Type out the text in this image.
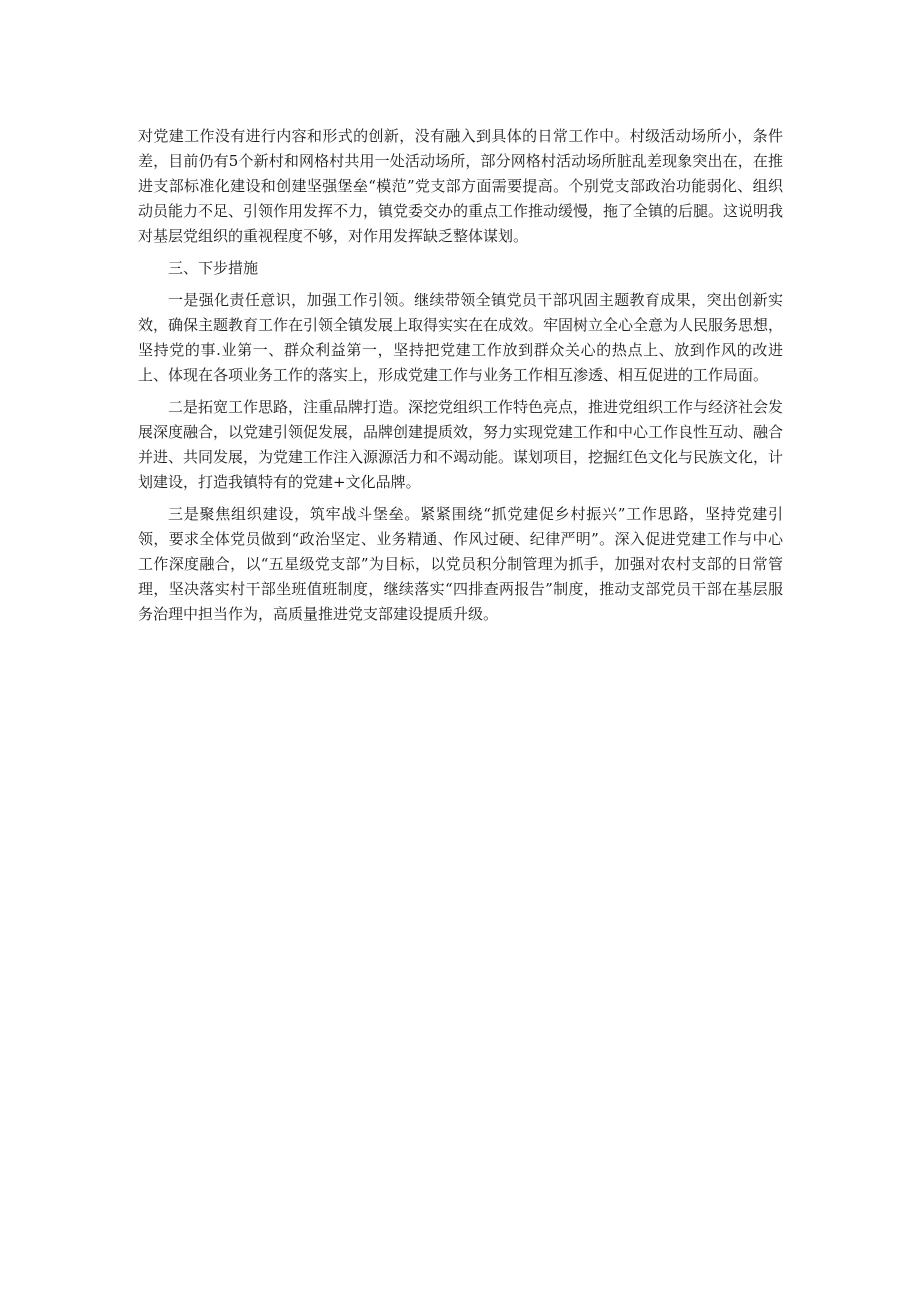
对党建工作没有进行内容和形式的创新，没有融入到具体的日常工作中。村级活动场所小，条件差，目前仍有5个新村和网格村共用一处活动场所，部分网格村活动场所脏乱差现象突出在，在推进支部标准化建设和创建坚强堡垒“模范”党支部方面需要提高。个别党支部政治功能弱化、组织动员能力不足、引领作用发挥不力，镇党委交办的重点工作推动缓慢，拖了全镇的后腿。这说明我对基层党组织的重视程度不够，对作用发挥缺乏整体谋划。

三、下步措施

一是强化责任意识，加强工作引领。继续带领全镇党员干部巩固主题教育成果，突出创新实效，确保主题教育工作在引领全镇发展上取得实实在在成效。牢固树立全心全意为人民服务思想，坚持党的事.业第一、群众利益第一，坚持把党建工作放到群众关心的热点上、放到作风的改进上、体现在各项业务工作的落实上，形成党建工作与业务工作相互渗透、相互促进的工作局面。

二是拓宽工作思路，注重品牌打造。深挖党组织工作特色亮点，推进党组织工作与经济社会发展深度融合，以党建引领促发展，品牌创建提质效，努力实现党建工作和中心工作良性互动、融合并进、共同发展，为党建工作注入源源活力和不竭动能。谋划项目，挖掘红色文化与民族文化，计划建设，打造我镇特有的党建+文化品牌。

三是聚焦组织建设，筑牢战斗堡垒。紧紧围绕“抓党建促乡村振兴”工作思路，坚持党建引领，要求全体党员做到“政治坚定、业务精通、作风过硬、纪律严明”。深入促进党建工作与中心工作深度融合，以“五星级党支部”为目标，以党员积分制管理为抓手，加强对农村支部的日常管理，坚决落实村干部坐班值班制度，继续落实“四排查两报告”制度，推动支部党员干部在基层服务治理中担当作为，高质量推进党支部建设提质升级。
